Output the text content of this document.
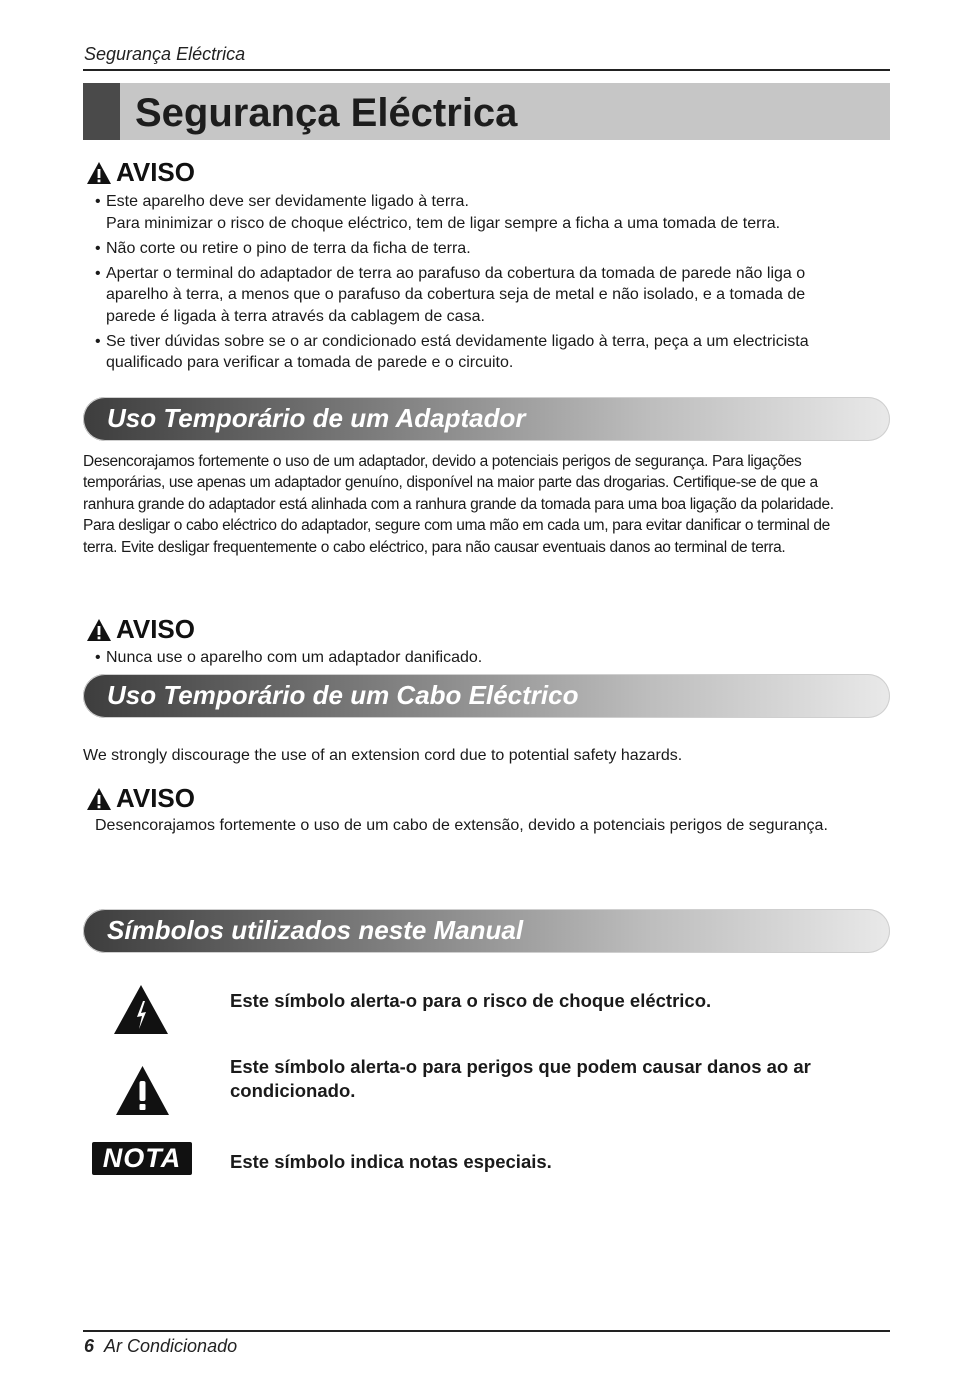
Segurança Eléctrica
Segurança Eléctrica
AVISO
• Este aparelho deve ser devidamente ligado à terra.
Para minimizar o risco de choque eléctrico, tem de ligar sempre a ficha a uma tomada de terra.
• Não corte ou retire o pino de terra da ficha de terra.
• Apertar o terminal do adaptador de terra ao parafuso da cobertura da tomada de parede não liga o
aparelho à terra, a menos que o parafuso da cobertura seja de metal e não isolado, e a tomada de
parede é ligada à terra através da cablagem de casa.
• Se tiver dúvidas sobre se o ar condicionado está devidamente ligado à terra, peça a um electricista
qualificado para verificar a tomada de parede e o circuito.
Uso Temporário de um Adaptador
Desencorajamos fortemente o uso de um adaptador, devido a potenciais perigos de segurança. Para ligações
temporárias, use apenas um adaptador genuíno, disponível na maior parte das drogarias. Certifique-se de que a
ranhura grande do adaptador está alinhada com a ranhura grande da tomada para uma boa ligação da polaridade.
Para desligar o cabo eléctrico do adaptador, segure com uma mão em cada um, para evitar danificar o terminal de
terra. Evite desligar frequentemente o cabo eléctrico, para não causar eventuais danos ao terminal de terra.
AVISO
• Nunca use o aparelho com um adaptador danificado.
Uso Temporário de um Cabo Eléctrico
We strongly discourage the use of an extension cord due to potential safety hazards.
AVISO
Desencorajamos fortemente o uso de um cabo de extensão, devido a potenciais perigos de segurança.
Símbolos utilizados neste Manual
Este símbolo alerta-o para o risco de choque eléctrico.
Este símbolo alerta-o para perigos que podem causar danos ao ar
condicionado.
NOTA	Este símbolo indica notas especiais.
6 Ar Condicionado
